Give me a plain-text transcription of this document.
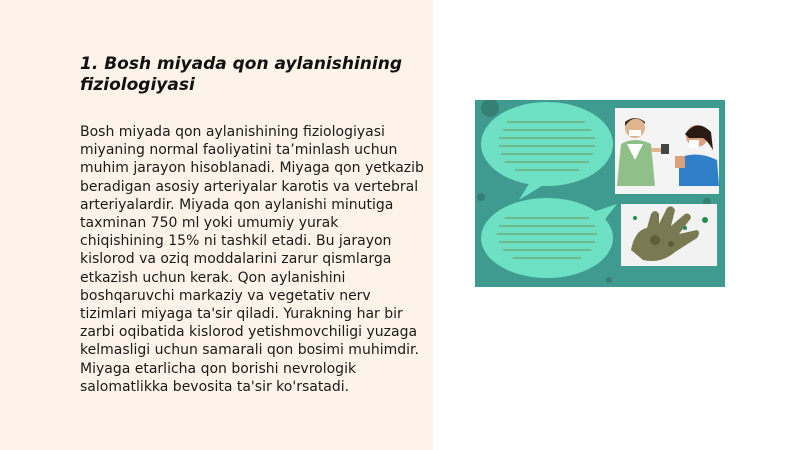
1. Bosh miyada qon aylanishining fiziologiyasi

Bosh miyada qon aylanishining fiziologiyasi miyaning normal faoliyatini ta’minlash uchun muhim jarayon hisoblanadi. Miyaga qon yetkazib beradigan asosiy arteriyalar karotis va vertebral arteriyalardir. Miyada qon aylanishi minutiga taxminan 750 ml yoki umumiy yurak chiqishining 15% ni tashkil etadi. Bu jarayon kislorod va oziq moddalarini zarur qismlarga etkazish uchun kerak. Qon aylanishini boshqaruvchi markaziy va vegetativ nerv tizimlari miyaga ta'sir qiladi. Yurakning har bir zarbi oqibatida kislorod yetishmovchiligi yuzaga kelmasligi uchun samarali qon bosimi muhimdir. Miyaga etarlicha qon borishi nevrologik salomatlikka bevosita ta'sir ko'rsatadi.
